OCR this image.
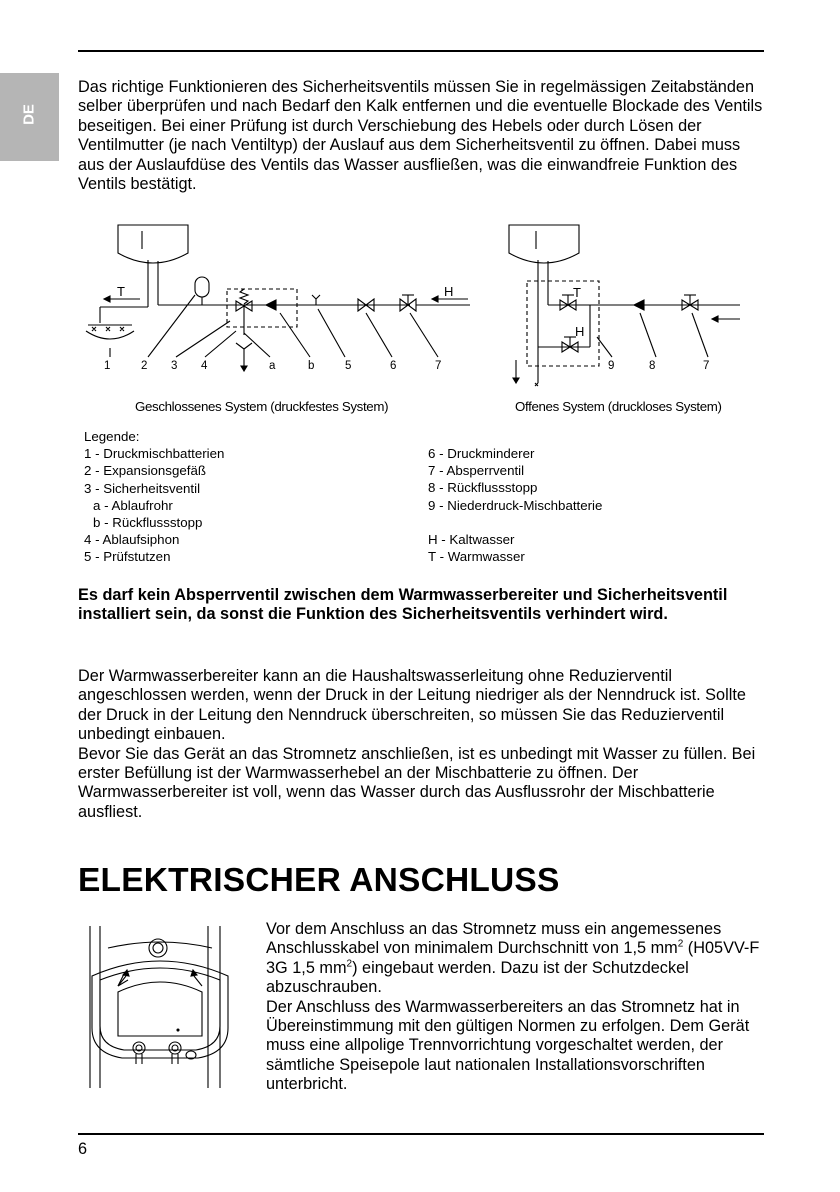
DE

Das richtige Funktionieren des Sicherheitsventils müssen Sie in regelmässigen Zeitabständen selber überprüfen und nach Bedarf den Kalk entfernen und die eventuelle Blockade des Ventils beseitigen. Bei einer Prüfung ist durch Verschiebung des Hebels oder durch Lösen der Ventilmutter (je nach Ventiltyp) der Auslauf aus dem Sicherheitsventil zu öffnen. Dabei muss aus der Auslaufdüse des Ventils das Wasser ausfließen, was die einwandfreie Funktion des Ventils bestätigt.

T	H
1	2 3 4	a	b	5	6	7
T
H
9	8	7
Geschlossenes System (druckfestes System)	Offenes System (druckloses System)
Legende:
1 - Druckmischbatterien
2 - Expansionsgefäß
3 - Sicherheitsventil
a - Ablaufrohr
b - Rückflussstopp
4 - Ablaufsiphon
5 - Prüfstutzen
6 - Druckminderer
7 - Absperrventil
8 - Rückflussstopp
9 - Niederdruck-Mischbatterie

H - Kaltwasser
T - Warmwasser

Es darf kein Absperrventil zwischen dem Warmwasserbereiter und Sicherheitsventil installiert sein, da sonst die Funktion des Sicherheitsventils verhindert wird.

Der Warmwasserbereiter kann an die Haushaltswasserleitung ohne Reduzierventil angeschlossen werden, wenn der Druck in der Leitung niedriger als der Nenndruck ist. Sollte der Druck in der Leitung den Nenndruck überschreiten, so müssen Sie das Reduzierventil unbedingt einbauen.
Bevor Sie das Gerät an das Stromnetz anschließen, ist es unbedingt mit Wasser zu füllen. Bei erster Befüllung ist der Warmwasserhebel an der Mischbatterie zu öffnen. Der Warmwasserbereiter ist voll, wenn das Wasser durch das Ausflussrohr der Mischbatterie ausfliest.
ELEKTRISCHER ANSCHLUSS
Vor dem Anschluss an das Stromnetz muss ein angemessenes Anschlusskabel von minimalem Durchschnitt von 1,5 $mm^2$ (H05VV-F 3G 1,5 $mm^2$) eingebaut werden. Dazu ist der Schutzdeckel abzuschrauben.
Der Anschluss des Warmwasserbereiters an das Stromnetz hat in Übereinstimmung mit den gültigen Normen zu erfolgen. Dem Gerät muss eine allpolige Trennvorrichtung vorgeschaltet werden, der sämtliche Speisepole laut nationalen Installationsvorschriften unterbricht.
6
